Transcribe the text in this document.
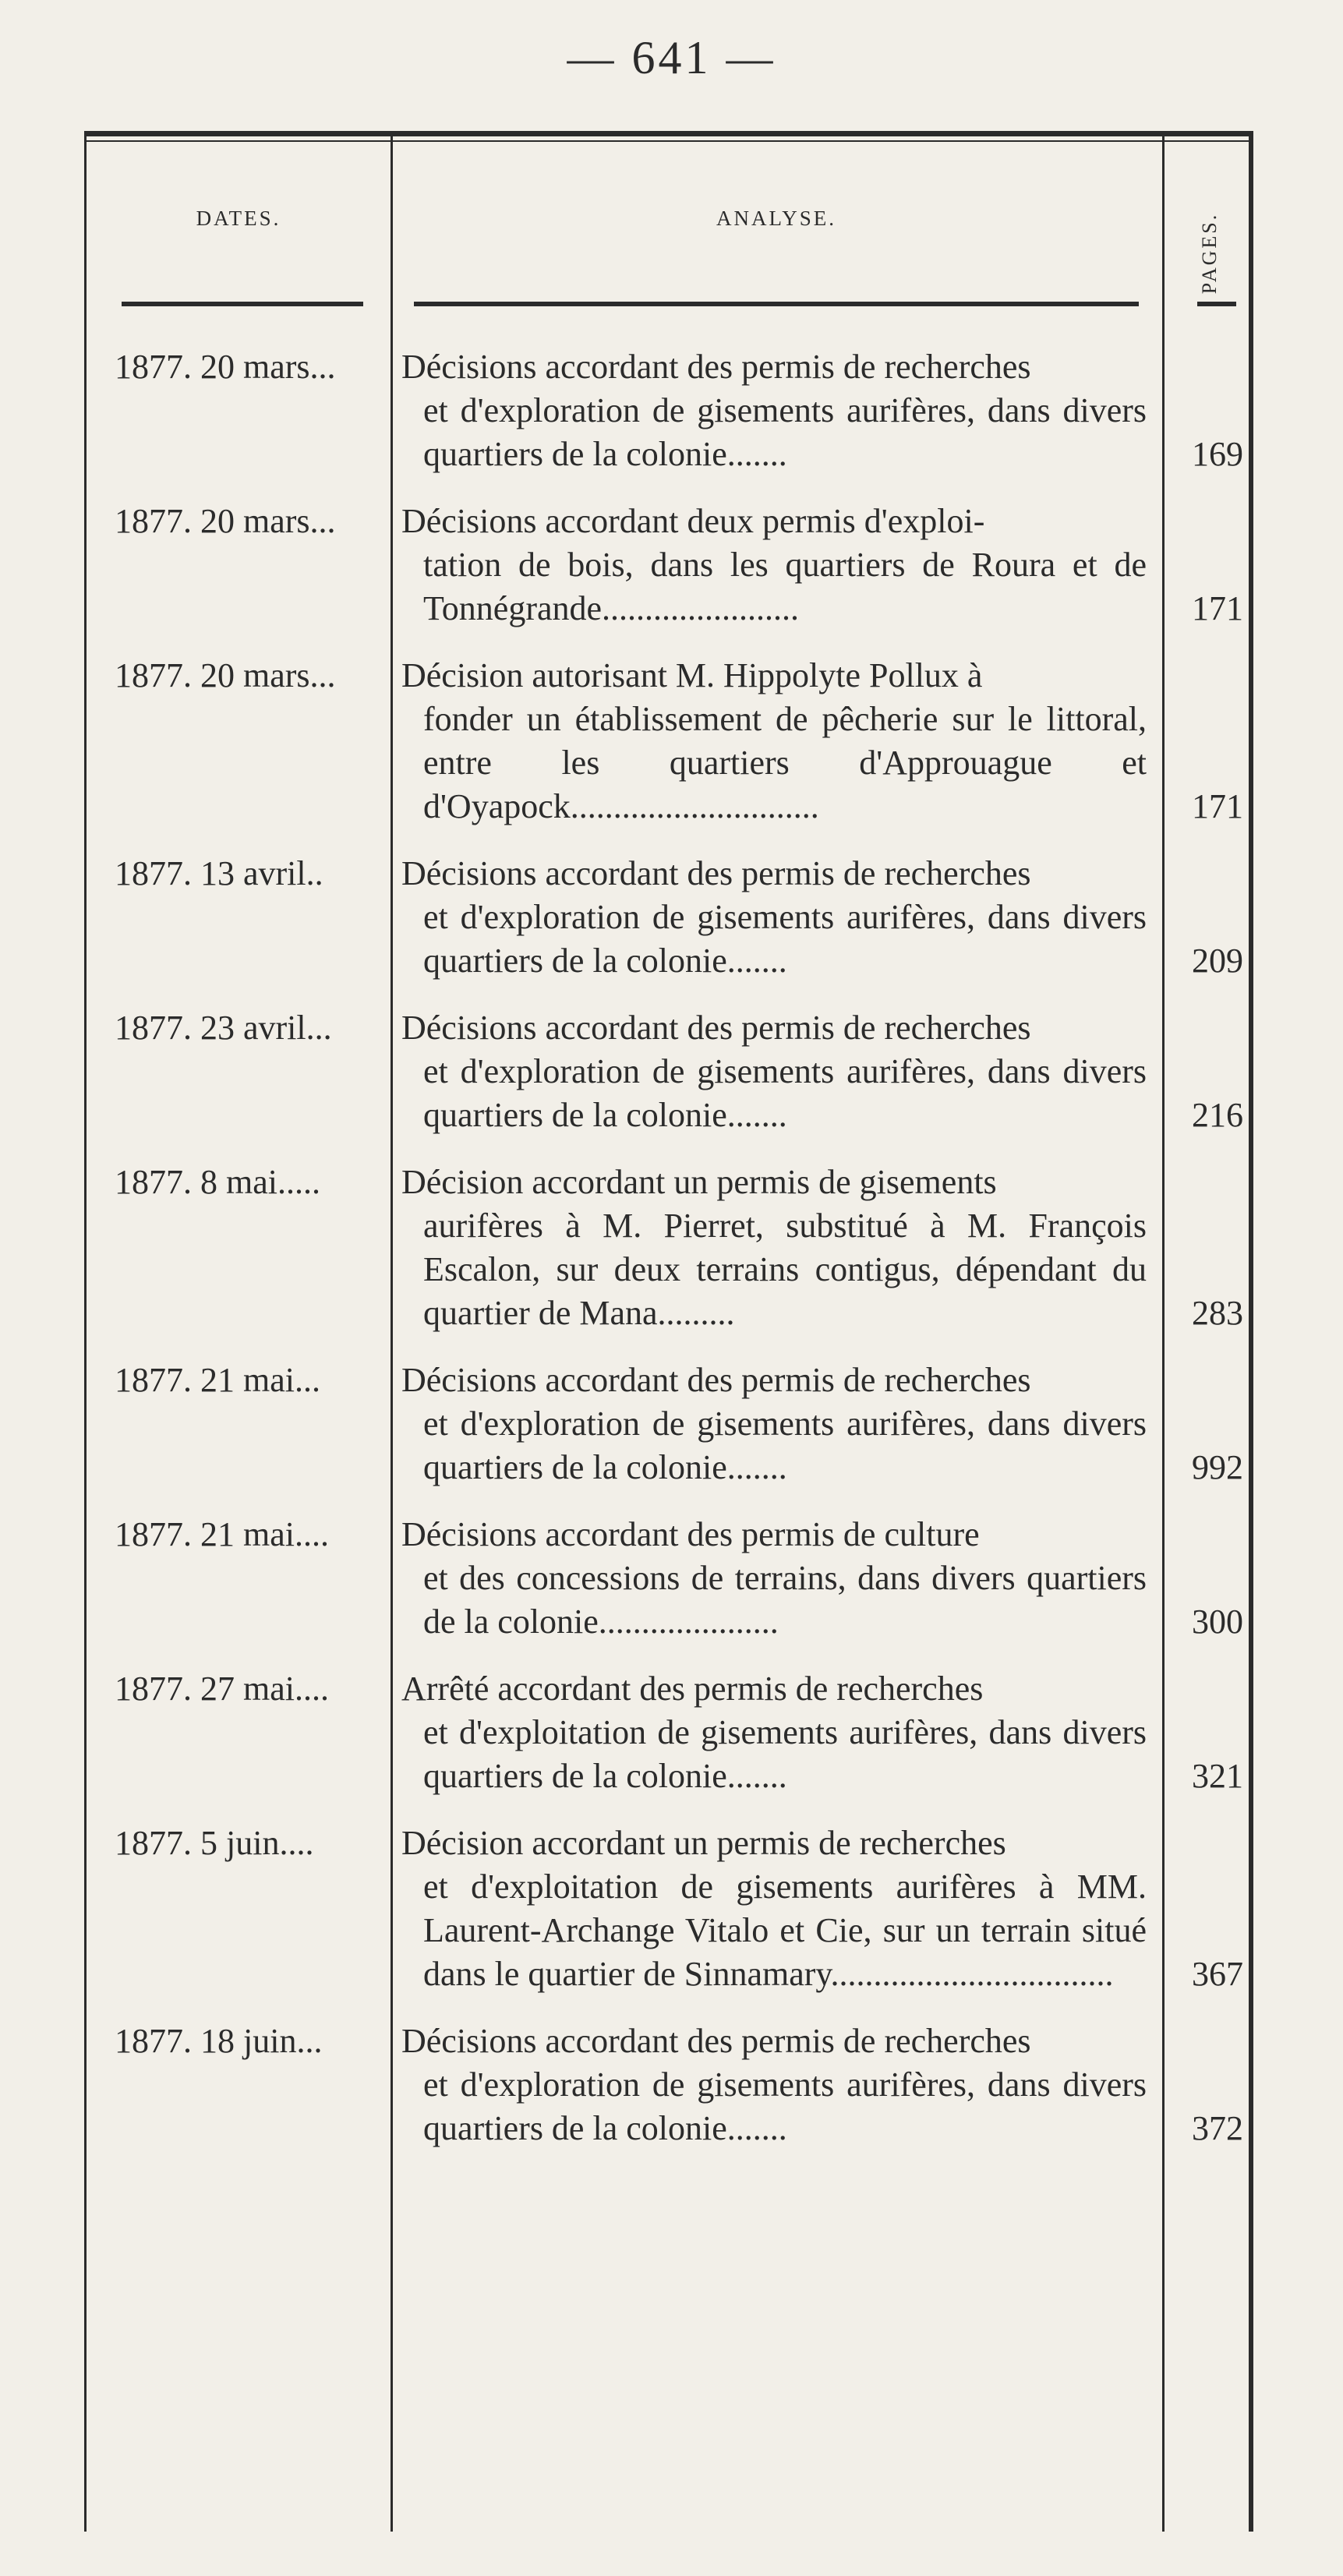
— 641 —
DATES.	ANALYSE.	PAGES.
1877. 20 mars...	Décisions accordant des permis de recherches
et d'exploration de gisements aurifères, dans divers quartiers de la colonie.......	169
1877. 20 mars...	Décisions accordant deux permis d'exploi-
tation de bois, dans les quartiers de Roura et de Tonnégrande.......................	171
1877. 20 mars...	Décision autorisant M. Hippolyte Pollux à
fonder un établissement de pêcherie sur le littoral, entre les quartiers d'Approuague et d'Oyapock.............................	171
1877. 13 avril..	Décisions accordant des permis de recherches
et d'exploration de gisements aurifères, dans divers quartiers de la colonie.......	209
1877. 23 avril...	Décisions accordant des permis de recherches
et d'exploration de gisements aurifères, dans divers quartiers de la colonie.......	216
1877. 8 mai.....	Décision accordant un permis de gisements
aurifères à M. Pierret, substitué à M. François Escalon, sur deux terrains contigus, dépendant du quartier de Mana.........	283
1877. 21 mai...	Décisions accordant des permis de recherches
et d'exploration de gisements aurifères, dans divers quartiers de la colonie.......	992
1877. 21 mai....	Décisions accordant des permis de culture
et des concessions de terrains, dans divers quartiers de la colonie.....................	300
1877. 27 mai....	Arrêté accordant des permis de recherches
et d'exploitation de gisements aurifères, dans divers quartiers de la colonie.......	321
1877. 5 juin....	Décision accordant un permis de recherches
et d'exploitation de gisements aurifères à MM. Laurent-Archange Vitalo et Cie, sur un terrain situé dans le quartier de Sinnamary.................................	367
1877. 18 juin...	Décisions accordant des permis de recherches
et d'exploration de gisements aurifères, dans divers quartiers de la colonie.......	372
